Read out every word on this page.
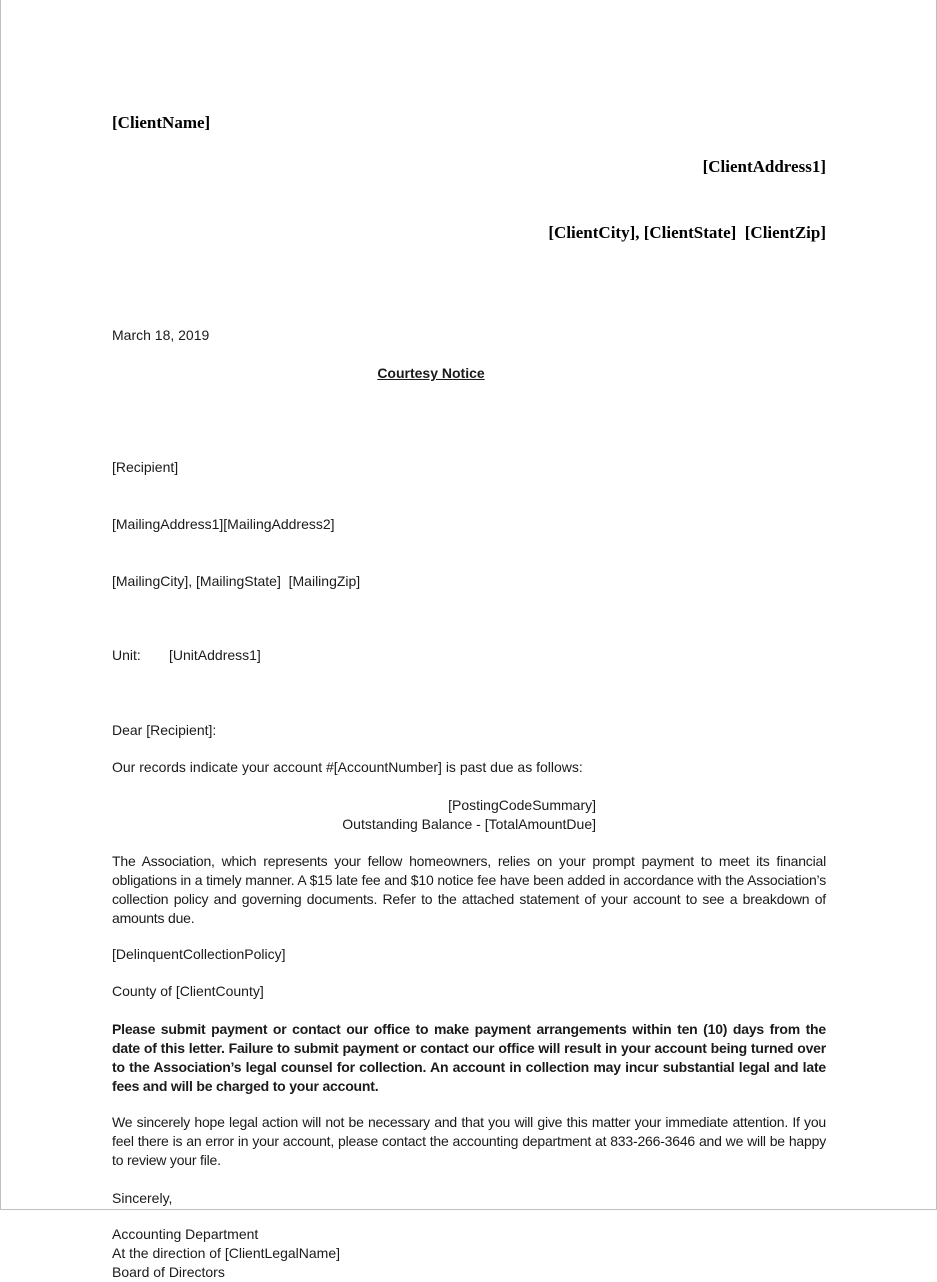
[ClientName]

[ClientAddress1]

[ClientCity], [ClientState]  [ClientZip]

March 18, 2019
Courtesy Notice

[Recipient]

[MailingAddress1][MailingAddress2]

[MailingCity], [MailingState]  [MailingZip]

Unit: [UnitAddress1]
Dear [Recipient]:
Our records indicate your account #[AccountNumber] is past due as follows:
[PostingCodeSummary]
Outstanding Balance - [TotalAmountDue]

The Association, which represents your fellow homeowners, relies on your prompt payment to meet its financial obligations in a timely manner. A $15 late fee and $10 notice fee have been added in accordance with the Association’s collection policy and governing documents. Refer to the attached statement of your account to see a breakdown of amounts due.

[DelinquentCollectionPolicy]
County of [ClientCounty]

Please submit payment or contact our office to make payment arrangements within ten (10) days from the date of this letter. Failure to submit payment or contact our office will result in your account being turned over to the Association’s legal counsel for collection. An account in collection may incur substantial legal and late fees and will be charged to your account.

We sincerely hope legal action will not be necessary and that you will give this matter your immediate attention. If you feel there is an error in your account, please contact the accounting department at 833-266-3646 and we will be happy to review your file.

Sincerely,
Accounting Department
At the direction of [ClientLegalName]
Board of Directors
